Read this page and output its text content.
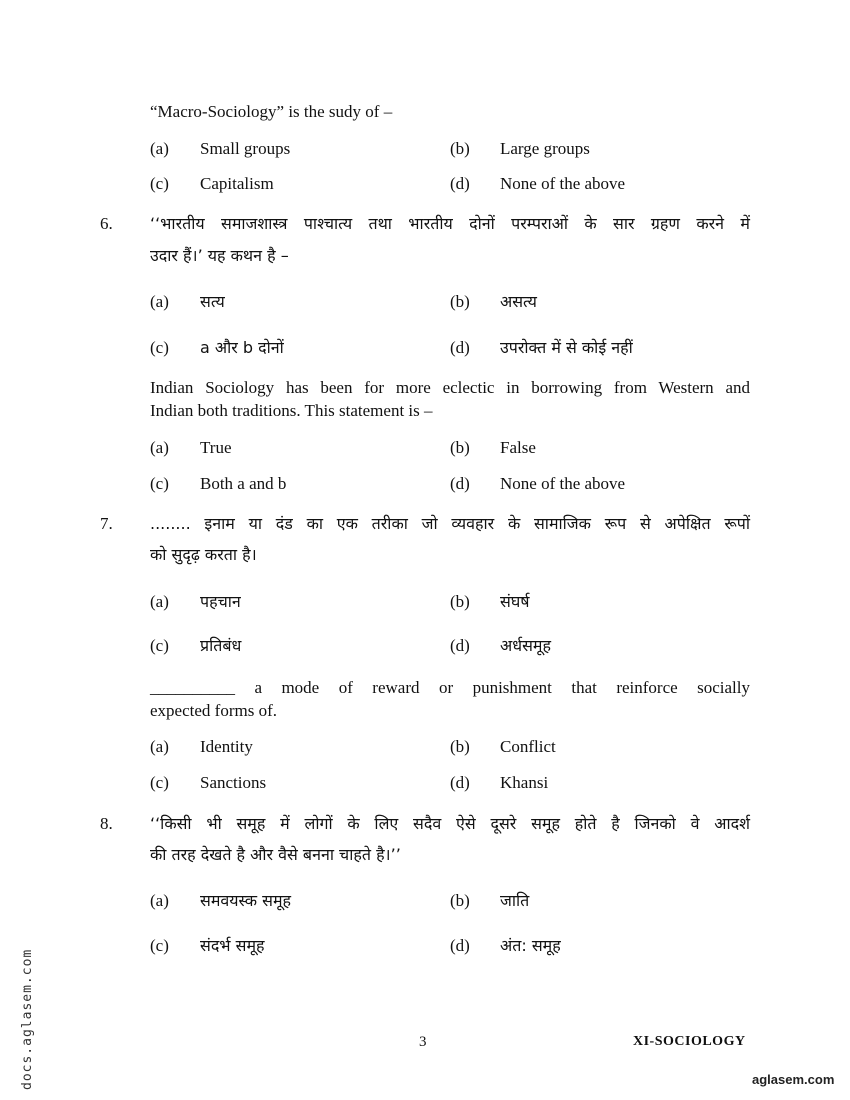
“Macro-Sociology” is the sudy of –
(a) Small groups	(b) Large groups
(c) Capitalism	(d) None of the above
6. ‘‘भारतीय समाजशास्त्र पाश्चात्य तथा भारतीय दोनों परम्पराओं के सार ग्रहण करने में
उदार हैं।’ यह कथन है –
(a) सत्य	(b) असत्य
(c) a और b दोनों	(d) उपरोक्त में से कोई नहीं
Indian Sociology has been for more eclectic in borrowing from Western and
Indian both traditions. This statement is –
(a) True	(b) False
(c) Both a and b	(d) None of the above
7. ........ इनाम या दंड का एक तरीका जो व्यवहार के सामाजिक रूप से अपेक्षित रूपों
को सुदृढ़ करता है।
(a) पहचान	(b) संघर्ष
(c) प्रतिबंध	(d) अर्धसमूह
__________ a mode of reward or punishment that reinforce socially
expected forms of.
(a) Identity	(b) Conflict
(c) Sanctions	(d) Khansi
8. ‘‘किसी भी समूह में लोगों के लिए सदैव ऐसे दूसरे समूह होते है जिनको वे आदर्श
की तरह देखते है और वैसे बनना चाहते है।’’
(a) समवयस्क समूह	(b) जाति
(c) संदर्भ समूह	(d) अंत: समूह
3	XI-SOCIOLOGY
docs.aglasem.com	aglasem.com
